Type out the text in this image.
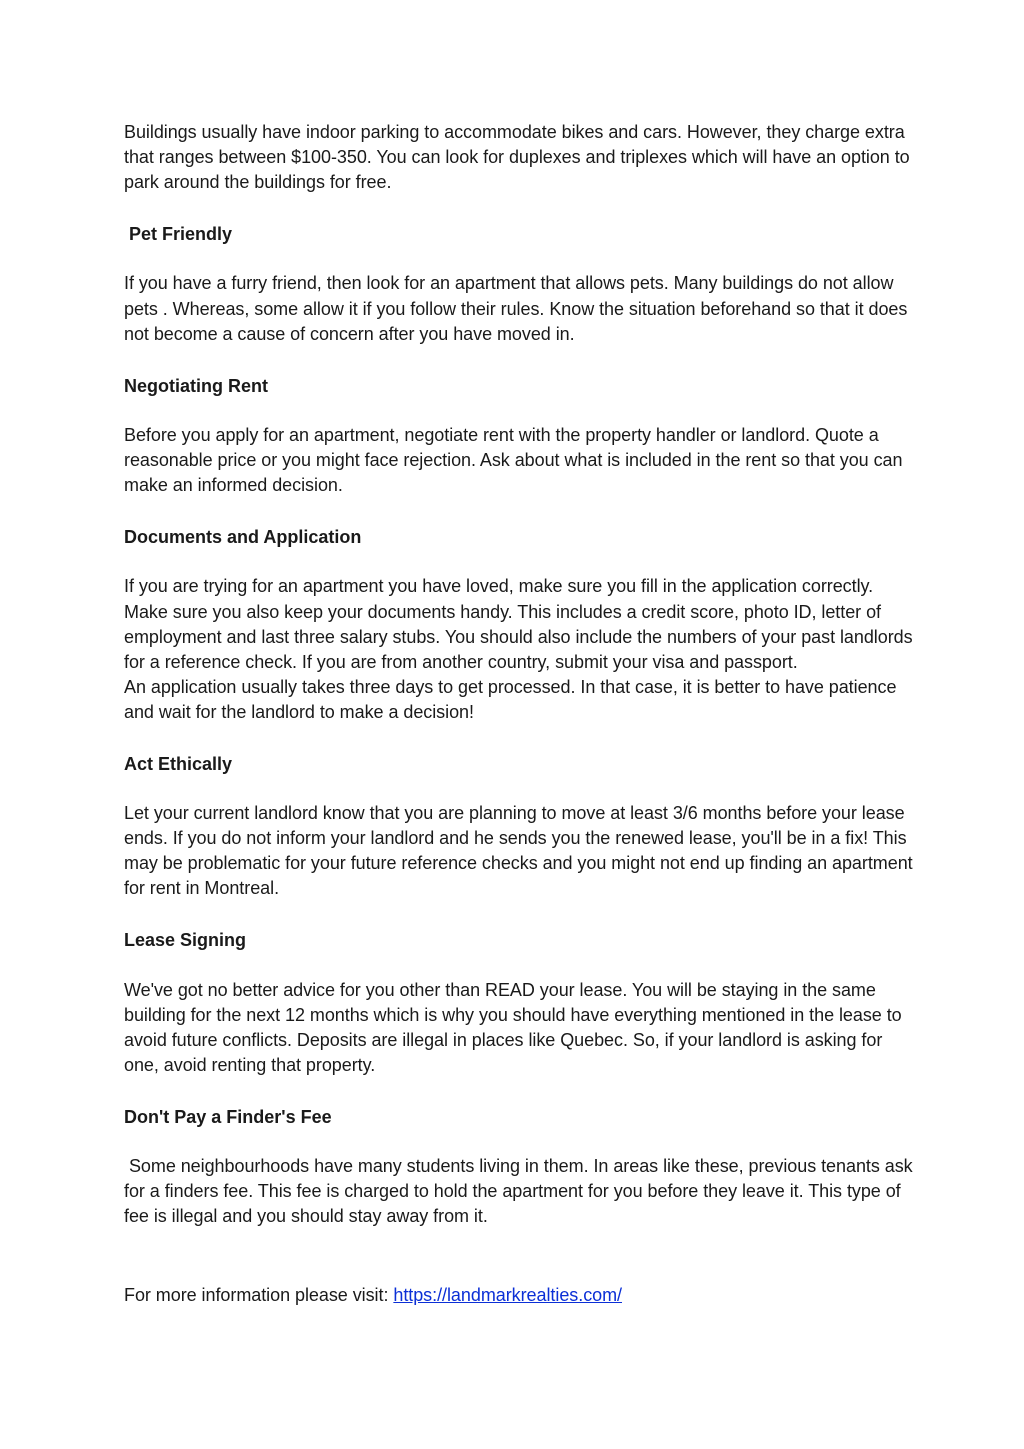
Buildings usually have indoor parking to accommodate bikes and cars. However, they charge extra that ranges between $100-350. You can look for duplexes and triplexes which will have an option to park around the buildings for free.

Pet Friendly

If you have a furry friend, then look for an apartment that allows pets. Many buildings do not allow pets . Whereas, some allow it if you follow their rules. Know the situation beforehand so that it does not become a cause of concern after you have moved in.

Negotiating Rent

Before you apply for an apartment, negotiate rent with the property handler or landlord. Quote a reasonable price or you might face rejection. Ask about what is included in the rent so that you can make an informed decision.

Documents and Application

If you are trying for an apartment you have loved, make sure you fill in the application correctly. Make sure you also keep your documents handy. This includes a credit score, photo ID, letter of employment and last three salary stubs. You should also include the numbers of your past landlords for a reference check. If you are from another country, submit your visa and passport.

An application usually takes three days to get processed. In that case, it is better to have patience and wait for the landlord to make a decision!

Act Ethically

Let your current landlord know that you are planning to move at least 3/6 months before your lease ends. If you do not inform your landlord and he sends you the renewed lease, you'll be in a fix! This may be problematic for your future reference checks and you might not end up finding an apartment for rent in Montreal.

Lease Signing

We've got no better advice for you other than READ your lease. You will be staying in the same building for the next 12 months which is why you should have everything mentioned in the lease to avoid future conflicts. Deposits are illegal in places like Quebec. So, if your landlord is asking for one, avoid renting that property.

Don't Pay a Finder's Fee

Some neighbourhoods have many students living in them. In areas like these, previous tenants ask for a finders fee. This fee is charged to hold the apartment for you before they leave it. This type of fee is illegal and you should stay away from it.

For more information please visit: https://landmarkrealties.com/
